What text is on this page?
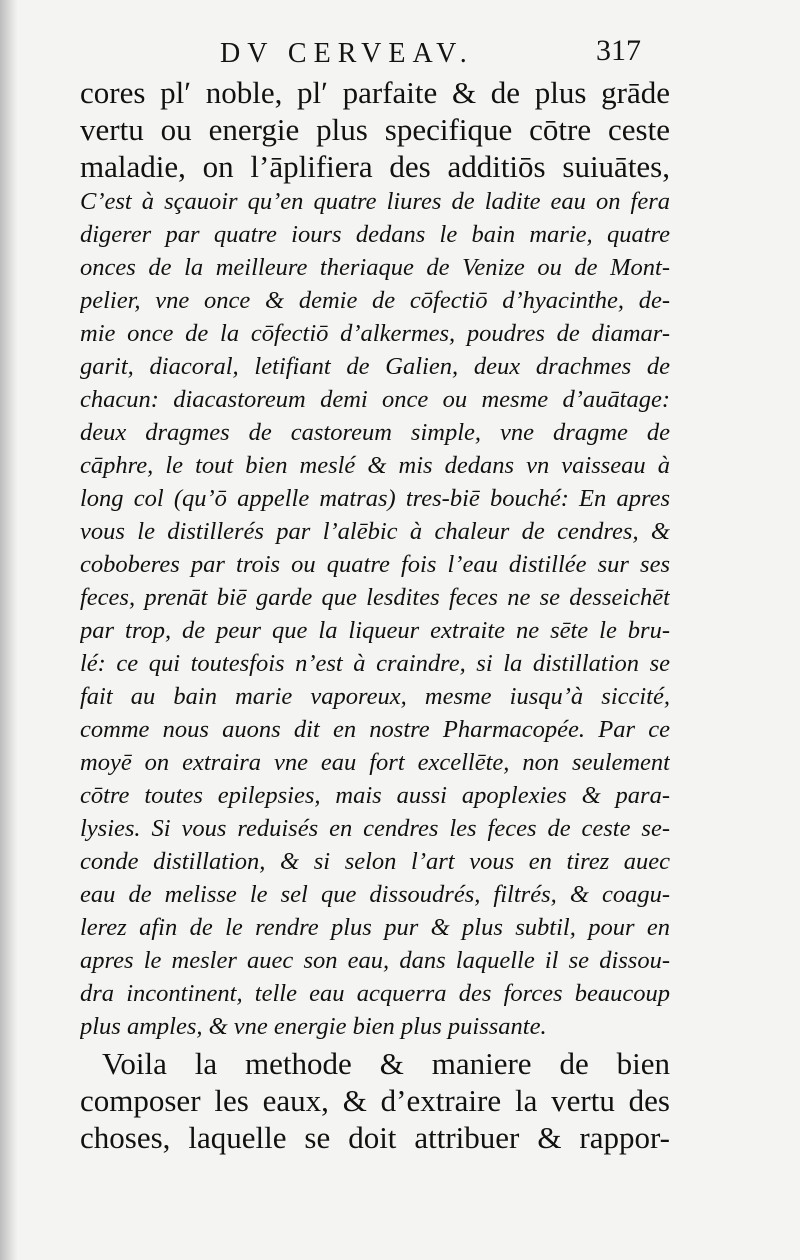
DV CERVEAV.	317
cores plʹ noble, plʹ parfaite & de plus grāde
vertu ou energie plus specifique cōtre ceste
maladie, on l’āplifiera des additiōs suiuātes,
C’est à sçauoir qu’en quatre liures de ladite eau on fera
digerer par quatre iours dedans le bain marie, quatre
onces de la meilleure theriaque de Venize ou de Mont-
pelier, vne once & demie de cōfectiō d’hyacinthe, de-
mie once de la cōfectiō d’alkermes, poudres de diamar-
garit, diacoral, letifiant de Galien, deux drachmes de
chacun: diacastoreum demi once ou mesme d’auātage:
deux dragmes de castoreum simple, vne dragme de
cāphre, le tout bien meslé & mis dedans vn vaisseau à
long col (qu’ō appelle matras) tres-biē bouché: En apres
vous le distillerés par l’alēbic à chaleur de cendres, &
coboberes par trois ou quatre fois l’eau distillée sur ses
feces, prenāt biē garde que lesdites feces ne se desseichēt
par trop, de peur que la liqueur extraite ne sēte le bru-
lé: ce qui toutesfois n’est à craindre, si la distillation se
fait au bain marie vaporeux, mesme iusqu’à siccité,
comme nous auons dit en nostre Pharmacopée. Par ce
moyē on extraira vne eau fort excellēte, non seulement
cōtre toutes epilepsies, mais aussi apoplexies & para-
lysies. Si vous reduisés en cendres les feces de ceste se-
conde distillation, & si selon l’art vous en tirez auec
eau de melisse le sel que dissoudrés, filtrés, & coagu-
lerez afin de le rendre plus pur & plus subtil, pour en
apres le mesler auec son eau, dans laquelle il se dissou-
dra incontinent, telle eau acquerra des forces beaucoup
plus amples, & vne energie bien plus puissante.
Voila la methode & maniere de bien
composer les eaux, & d’extraire la vertu des
choses, laquelle se doit attribuer & rappor-
